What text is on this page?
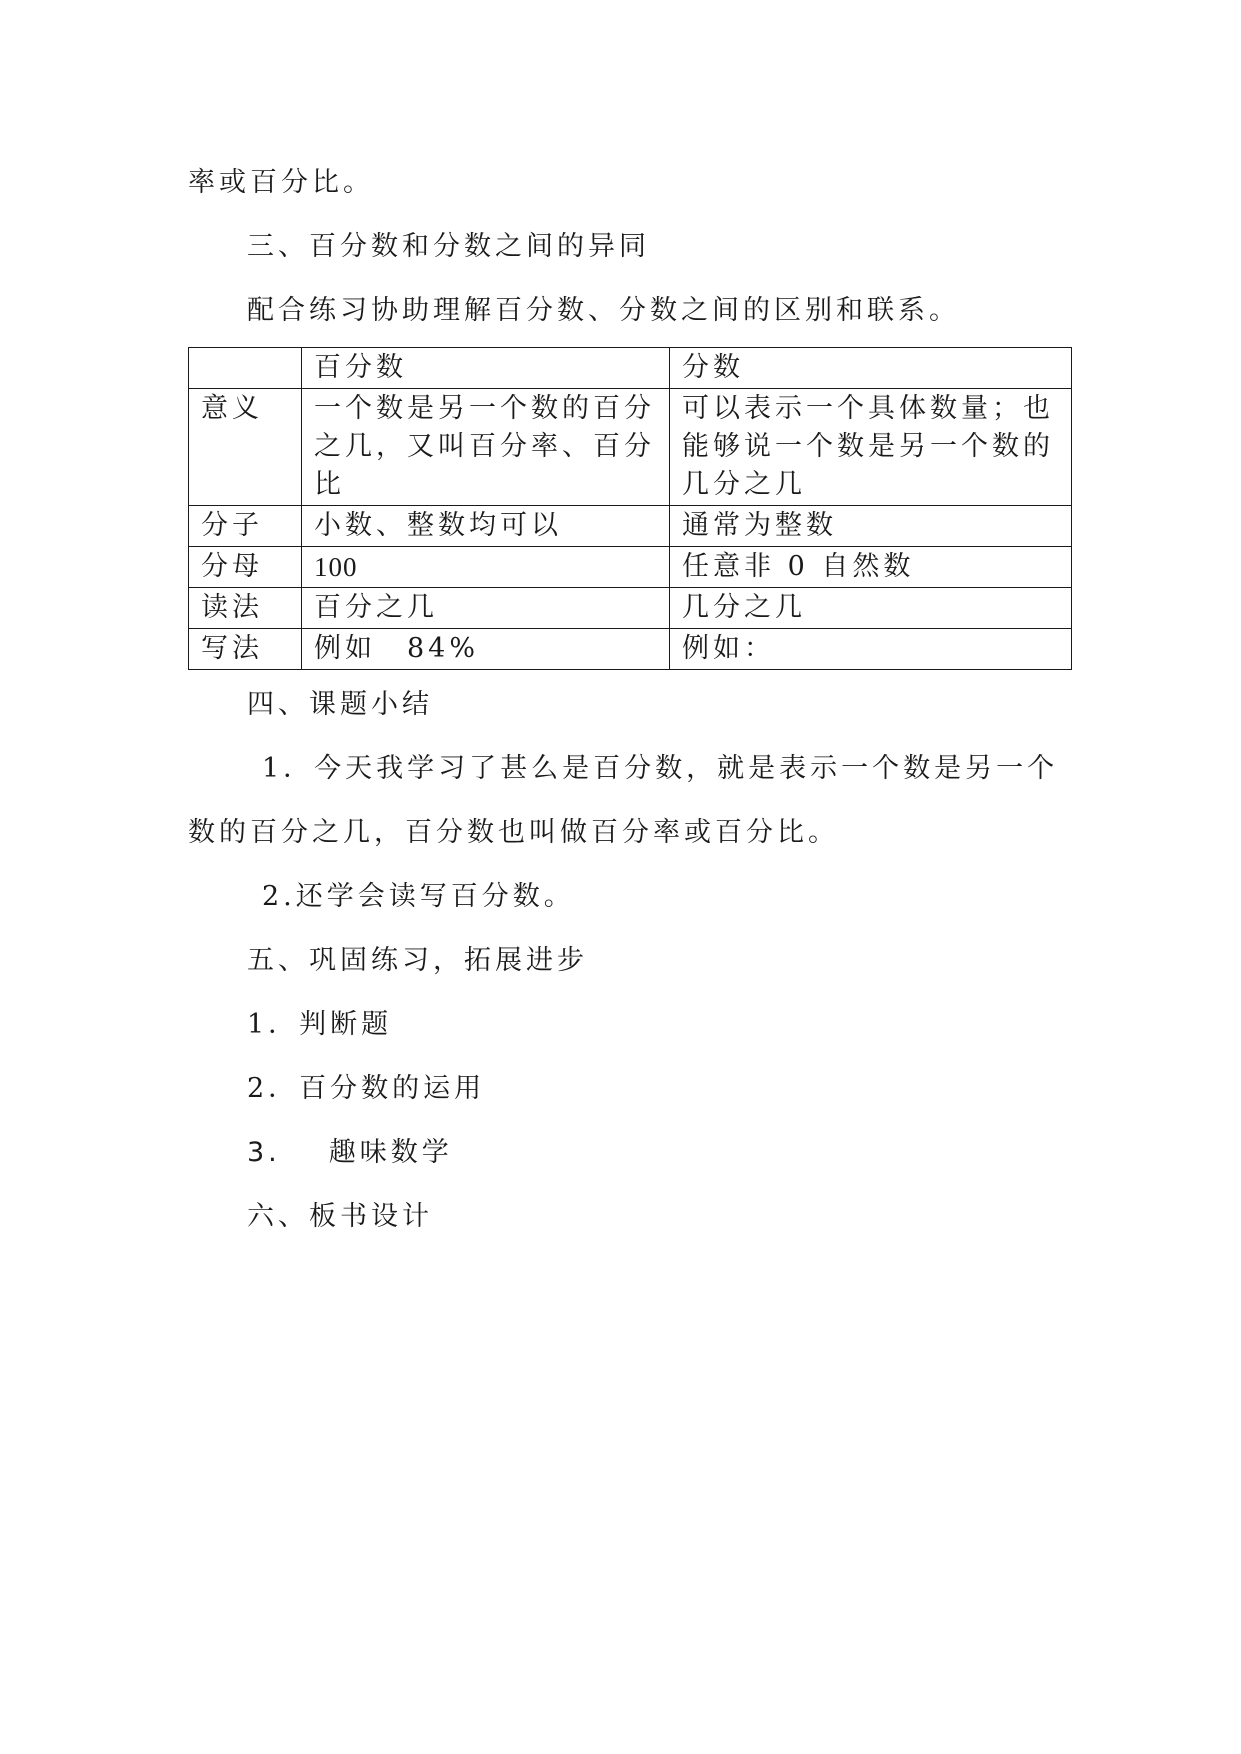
率或百分比。
三、百分数和分数之间的异同
配合练习协助理解百分数、分数之间的区别和联系。
	百分数	分数
意义	一个数是另一个数的百分之几，又叫百分率、百分比	可以表示一个具体数量；也能够说一个数是另一个数的几分之几
分子	小数、整数均可以	通常为整数
分母	100	任意非 0 自然数
读法	百分之几	几分之几
写法	例如　84%	例如：
四、课题小结
1．今天我学习了甚么是百分数，就是表示一个数是另一个
数的百分之几，百分数也叫做百分率或百分比。
2.还学会读写百分数。
五、巩固练习，拓展进步
1．判断题
2．百分数的运用
3. 趣味数学
六、板书设计
